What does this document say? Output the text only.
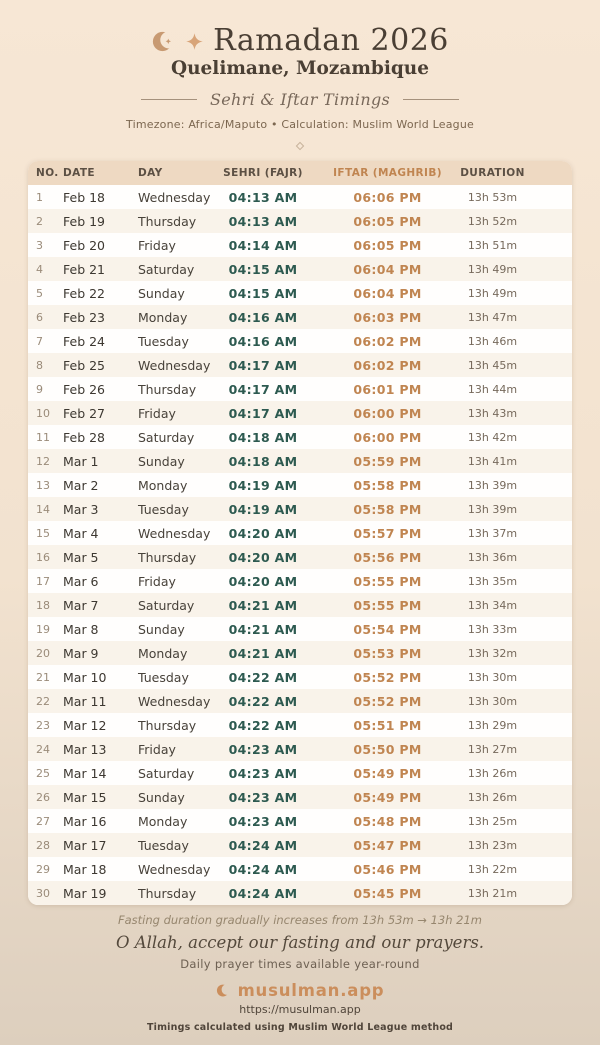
Ramadan 2026
Quelimane, Mozambique
Sehri & Iftar Timings
Timezone: Africa/Maputo • Calculation: Muslim World League
NO.	DATE	DAY	SEHRI (FAJR)	IFTAR (MAGHRIB)	DURATION
1	Feb 18	Wednesday	04:13 AM	06:06 PM	13h 53m
2	Feb 19	Thursday	04:13 AM	06:05 PM	13h 52m
3	Feb 20	Friday	04:14 AM	06:05 PM	13h 51m
4	Feb 21	Saturday	04:15 AM	06:04 PM	13h 49m
5	Feb 22	Sunday	04:15 AM	06:04 PM	13h 49m
6	Feb 23	Monday	04:16 AM	06:03 PM	13h 47m
7	Feb 24	Tuesday	04:16 AM	06:02 PM	13h 46m
8	Feb 25	Wednesday	04:17 AM	06:02 PM	13h 45m
9	Feb 26	Thursday	04:17 AM	06:01 PM	13h 44m
10	Feb 27	Friday	04:17 AM	06:00 PM	13h 43m
11	Feb 28	Saturday	04:18 AM	06:00 PM	13h 42m
12	Mar 1	Sunday	04:18 AM	05:59 PM	13h 41m
13	Mar 2	Monday	04:19 AM	05:58 PM	13h 39m
14	Mar 3	Tuesday	04:19 AM	05:58 PM	13h 39m
15	Mar 4	Wednesday	04:20 AM	05:57 PM	13h 37m
16	Mar 5	Thursday	04:20 AM	05:56 PM	13h 36m
17	Mar 6	Friday	04:20 AM	05:55 PM	13h 35m
18	Mar 7	Saturday	04:21 AM	05:55 PM	13h 34m
19	Mar 8	Sunday	04:21 AM	05:54 PM	13h 33m
20	Mar 9	Monday	04:21 AM	05:53 PM	13h 32m
21	Mar 10	Tuesday	04:22 AM	05:52 PM	13h 30m
22	Mar 11	Wednesday	04:22 AM	05:52 PM	13h 30m
23	Mar 12	Thursday	04:22 AM	05:51 PM	13h 29m
24	Mar 13	Friday	04:23 AM	05:50 PM	13h 27m
25	Mar 14	Saturday	04:23 AM	05:49 PM	13h 26m
26	Mar 15	Sunday	04:23 AM	05:49 PM	13h 26m
27	Mar 16	Monday	04:23 AM	05:48 PM	13h 25m
28	Mar 17	Tuesday	04:24 AM	05:47 PM	13h 23m
29	Mar 18	Wednesday	04:24 AM	05:46 PM	13h 22m
30	Mar 19	Thursday	04:24 AM	05:45 PM	13h 21m
Fasting duration gradually increases from 13h 53m → 13h 21m
O Allah, accept our fasting and our prayers.
Daily prayer times available year-round
musulman.app
https://musulman.app
Timings calculated using Muslim World League method
